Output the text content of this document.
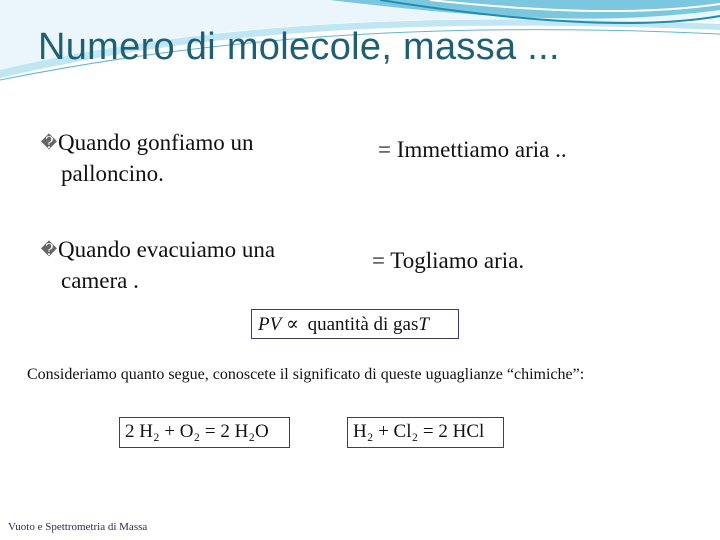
Numero di molecole, massa ...
�Quando gonfiamo un
palloncino.
= Immettiamo aria ..
�Quando evacuiamo una
camera .
= Togliamo aria.
PV ∝ quantità di gasT
Consideriamo quanto segue, conoscete il significato di queste uguaglianze “chimiche”:
2 H₂ + O₂ = 2 H₂O	H₂ + Cl₂ = 2 HCl
Vuoto e Spettrometria di Massa
